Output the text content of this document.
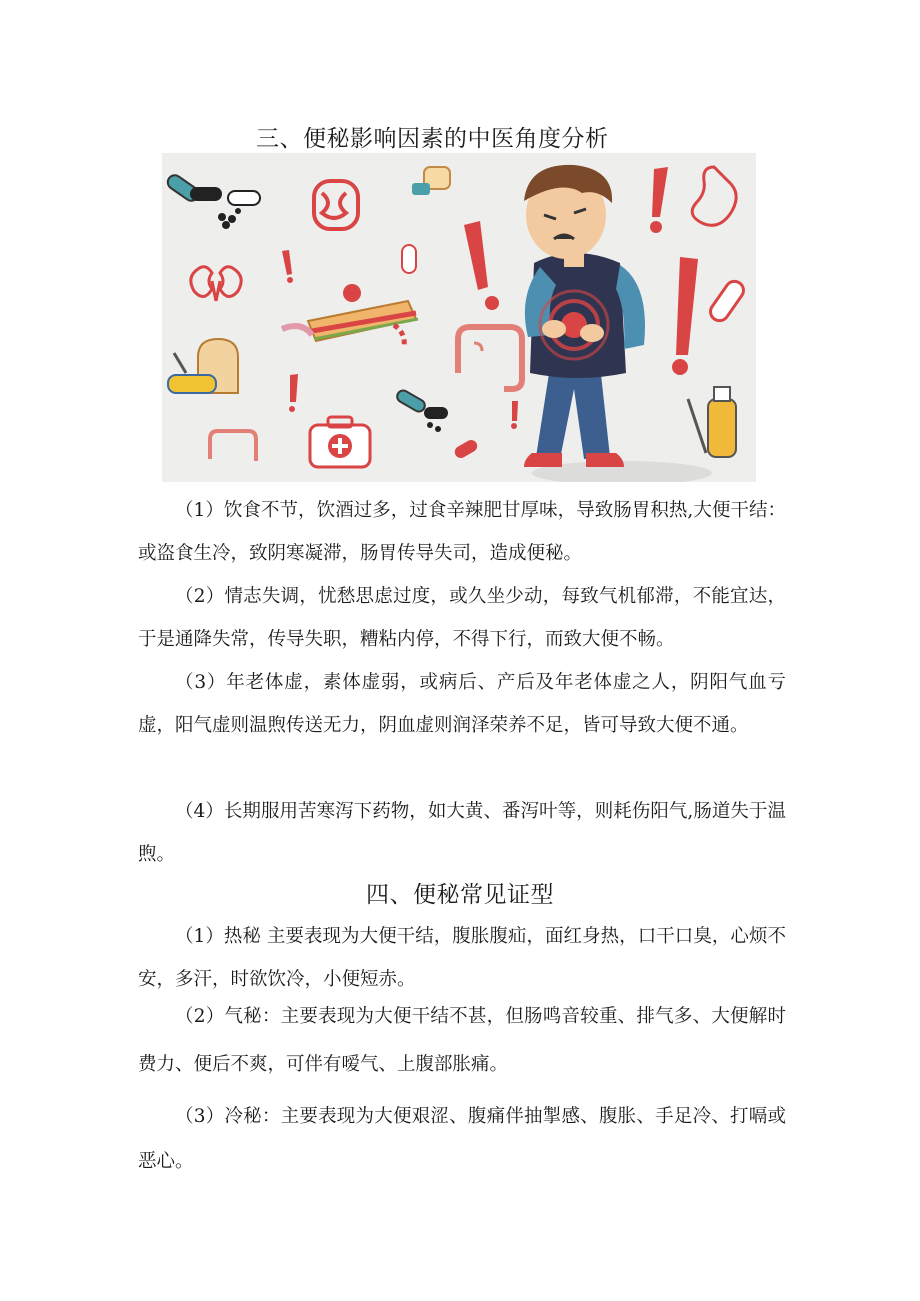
三、便秘影响因素的中医角度分析

（1）饮食不节，饮酒过多，过食辛辣肥甘厚味，导致肠胃积热,大便干结：或盗食生冷，致阴寒凝滞，肠胃传导失司，造成便秘。

（2）情志失调，忧愁思虑过度，或久坐少动，每致气机郁滞，不能宜达，于是通降失常，传导失职，糟粘内停，不得下行，而致大便不畅。

（3）年老体虚，素体虚弱，或病后、产后及年老体虚之人，阴阳气血亏虚，阳气虚则温煦传送无力，阴血虚则润泽荣养不足，皆可导致大便不通。

（4）长期服用苦寒泻下药物，如大黄、番泻叶等，则耗伤阳气,肠道失于温煦。

四、便秘常见证型

（1）热秘 主要表现为大便干结，腹胀腹疝，面红身热，口干口臭，心烦不安，多汗，时欲饮冷，小便短赤。

（2）气秘：主要表现为大便干结不甚，但肠鸣音较重、排气多、大便解时费力、便后不爽，可伴有嗳气、上腹部胀痛。

（3）冷秘：主要表现为大便艰涩、腹痛伴抽掣感、腹胀、手足冷、打嗝或恶心。
